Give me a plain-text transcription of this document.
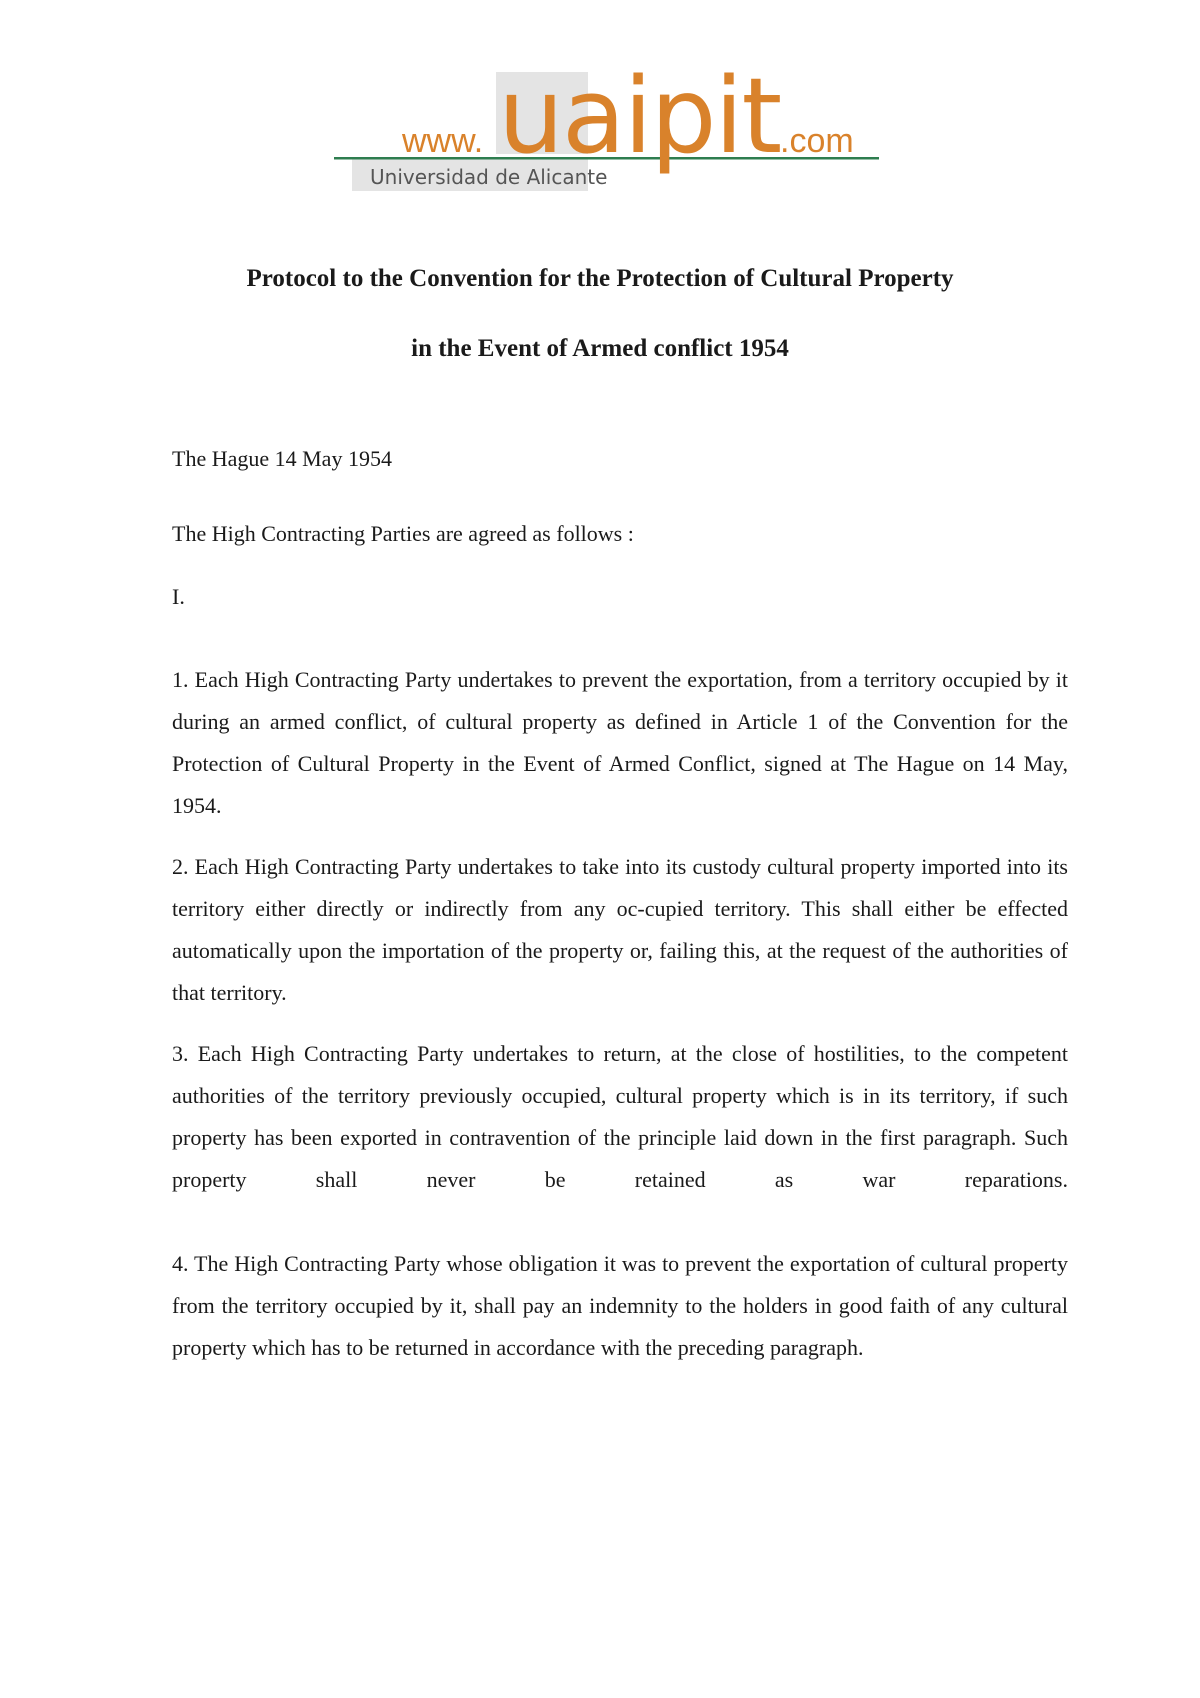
www. uaipit .com
Universidad de Alicante
Protocol to the Convention for the Protection of Cultural Property
in the Event of Armed conflict 1954
The Hague 14 May 1954
The High Contracting Parties are agreed as follows :
I.

1. Each High Contracting Party undertakes to prevent the exportation, from a territory occupied by it during an armed conflict, of cultural property as defined in Article 1 of the Convention for the Protection of Cultural Property in the Event of Armed Conflict, signed at The Hague on 14 May, 1954.

2. Each High Contracting Party undertakes to take into its custody cultural property imported into its territory either directly or indirectly from any oc-cupied territory. This shall either be effected automatically upon the importation of the property or, failing this, at the request of the authorities of that territory.

3. Each High Contracting Party undertakes to return, at the close of hostilities, to the competent authorities of the territory previously occupied, cultural property which is in its territory, if such property has been exported in contravention of the principle laid down in the first paragraph. Such property shall never be retained as war reparations.

4. The High Contracting Party whose obligation it was to prevent the exportation of cultural property from the territory occupied by it, shall pay an indemnity to the holders in good faith of any cultural property which has to be returned in accordance with the preceding paragraph.
